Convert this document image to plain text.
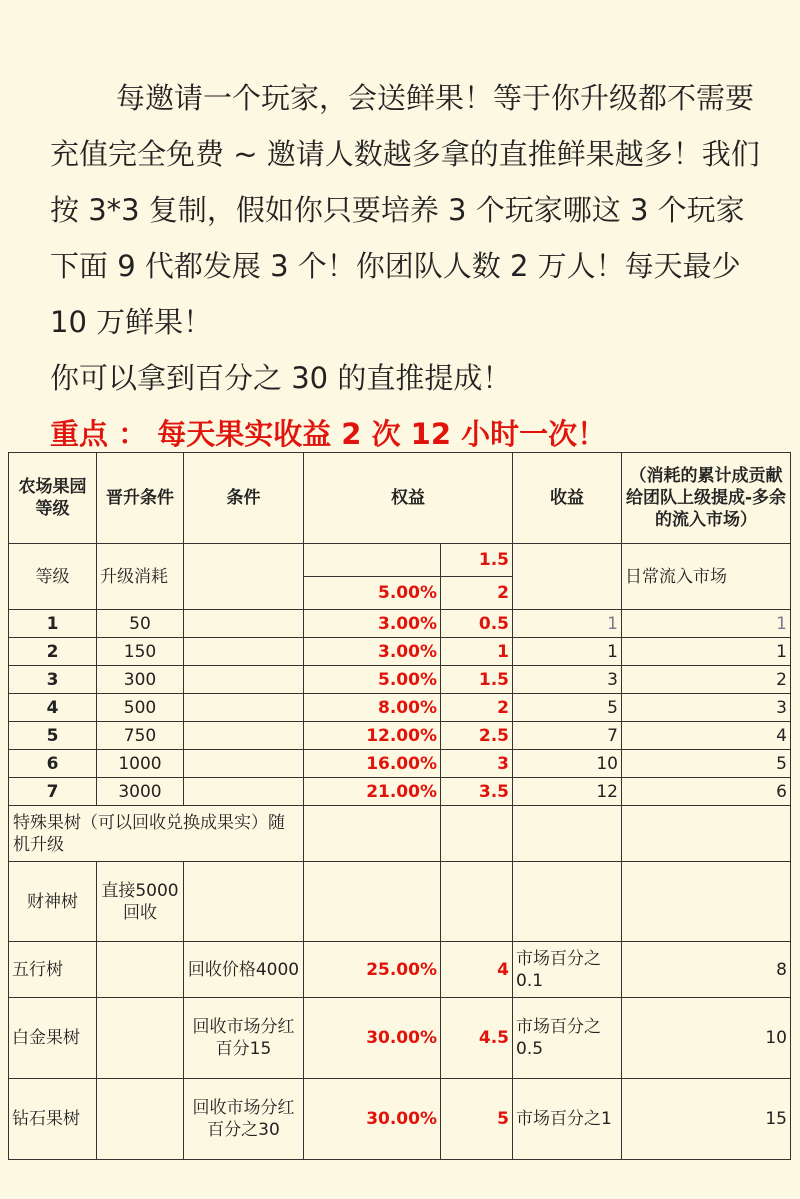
每邀请一个玩家，会送鲜果！等于你升级都不需要充值完全免费 ~ 邀请人数越多拿的直推鲜果越多！我们按 3*3 复制，假如你只要培养 3 个玩家哪这 3 个玩家下面 9 代都发展 3 个！你团队人数 2 万人！每天最少 10 万鲜果！

你可以拿到百分之 30 的直推提成！

重点 ： 每天果实收益 2 次 12 小时一次！

农场果园等级	晋升条件	条件	权益		收益	（消耗的累计成贡献给团队上级提成-多余的流入市场）
等级	升级消耗			1.5		日常流入市场
			5.00%	2		
1	50		3.00%	0.5	1	1
2	150		3.00%	1	1	1
3	300		5.00%	1.5	3	2
4	500		8.00%	2	5	3
5	750		12.00%	2.5	7	4
6	1000		16.00%	3	10	5
7	3000		21.00%	3.5	12	6
特殊果树（可以回收兑换成果实）随机升级						
财神树	直接5000回收					
五行树		回收价格4000	25.00%	4	市场百分之0.1	8
白金果树		回收市场分红百分15	30.00%	4.5	市场百分之0.5	10
钻石果树		回收市场分红百分之30	30.00%	5	市场百分之1	15
